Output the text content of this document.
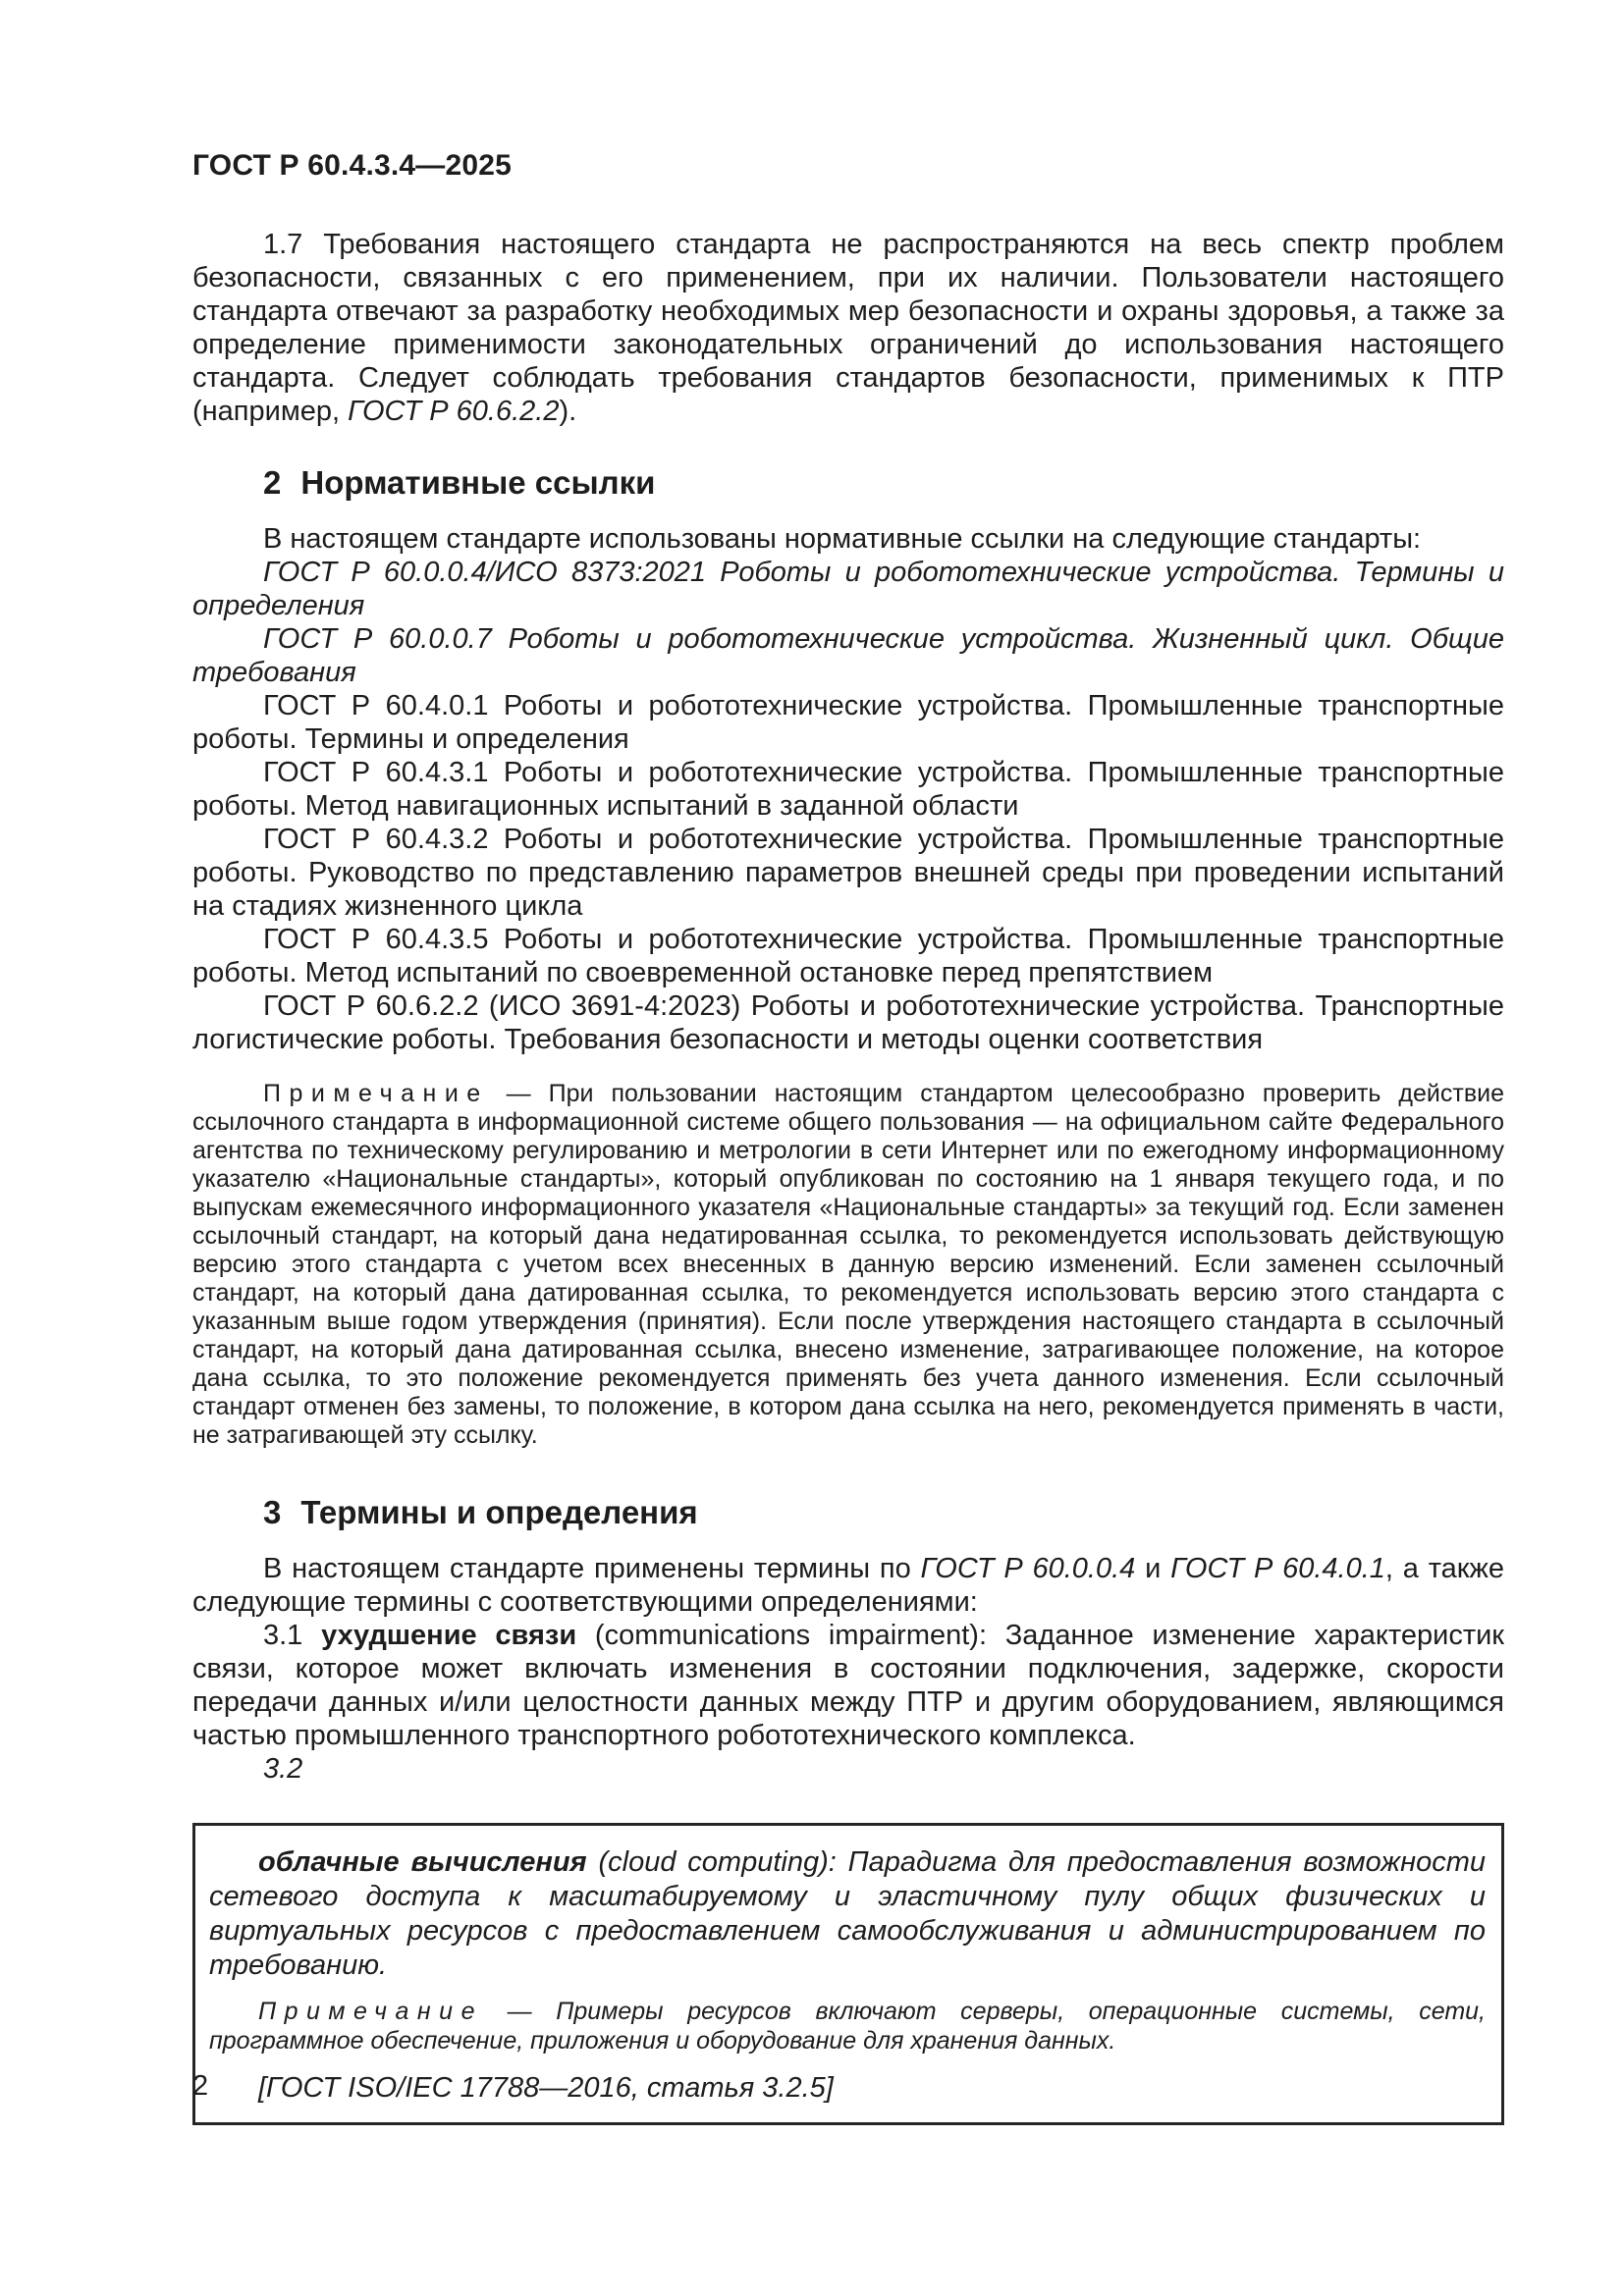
ГОСТ Р 60.4.3.4—2025

1.7 Требования настоящего стандарта не распространяются на весь спектр проблем безопасности, связанных с его применением, при их наличии. Пользователи настоящего стандарта отвечают за разработку необходимых мер безопасности и охраны здоровья, а также за определение применимости законодательных ограничений до использования настоящего стандарта. Следует соблюдать требования стандартов безопасности, применимых к ПТР (например, ГОСТ Р 60.6.2.2).

2 Нормативные ссылки

В настоящем стандарте использованы нормативные ссылки на следующие стандарты:

ГОСТ Р 60.0.0.4/ИСО 8373:2021 Роботы и робототехнические устройства. Термины и определения

ГОСТ Р 60.0.0.7 Роботы и робототехнические устройства. Жизненный цикл. Общие требования

ГОСТ Р 60.4.0.1 Роботы и робототехнические устройства. Промышленные транспортные роботы. Термины и определения

ГОСТ Р 60.4.3.1 Роботы и робототехнические устройства. Промышленные транспортные роботы. Метод навигационных испытаний в заданной области

ГОСТ Р 60.4.3.2 Роботы и робототехнические устройства. Промышленные транспортные роботы. Руководство по представлению параметров внешней среды при проведении испытаний на стадиях жизненного цикла

ГОСТ Р 60.4.3.5 Роботы и робототехнические устройства. Промышленные транспортные роботы. Метод испытаний по своевременной остановке перед препятствием

ГОСТ Р 60.6.2.2 (ИСО 3691-4:2023) Роботы и робототехнические устройства. Транспортные логистические роботы. Требования безопасности и методы оценки соответствия

Примечание — При пользовании настоящим стандартом целесообразно проверить действие ссылочного стандарта в информационной системе общего пользования — на официальном сайте Федерального агентства по техническому регулированию и метрологии в сети Интернет или по ежегодному информационному указателю «Национальные стандарты», который опубликован по состоянию на 1 января текущего года, и по выпускам ежемесячного информационного указателя «Национальные стандарты» за текущий год. Если заменен ссылочный стандарт, на который дана недатированная ссылка, то рекомендуется использовать действующую версию этого стандарта с учетом всех внесенных в данную версию изменений. Если заменен ссылочный стандарт, на который дана датированная ссылка, то рекомендуется использовать версию этого стандарта с указанным выше годом утверждения (принятия). Если после утверждения настоящего стандарта в ссылочный стандарт, на который дана датированная ссылка, внесено изменение, затрагивающее положение, на которое дана ссылка, то это положение рекомендуется применять без учета данного изменения. Если ссылочный стандарт отменен без замены, то положение, в котором дана ссылка на него, рекомендуется применять в части, не затрагивающей эту ссылку.

3 Термины и определения

В настоящем стандарте применены термины по ГОСТ Р 60.0.0.4 и ГОСТ Р 60.4.0.1, а также следующие термины с соответствующими определениями:

3.1 ухудшение связи (communications impairment): Заданное изменение характеристик связи, которое может включать изменения в состоянии подключения, задержке, скорости передачи данных и/или целостности данных между ПТР и другим оборудованием, являющимся частью промышленного транспортного робототехнического комплекса.

3.2

облачные вычисления (cloud computing): Парадигма для предоставления возможности сетевого доступа к масштабируемому и эластичному пулу общих физических и виртуальных ресурсов с предоставлением самообслуживания и администрированием по требованию.

Примечание — Примеры ресурсов включают серверы, операционные системы, сети, программное обеспечение, приложения и оборудование для хранения данных.

[ГОСТ ISO/IEC 17788—2016, статья 3.2.5]

2
